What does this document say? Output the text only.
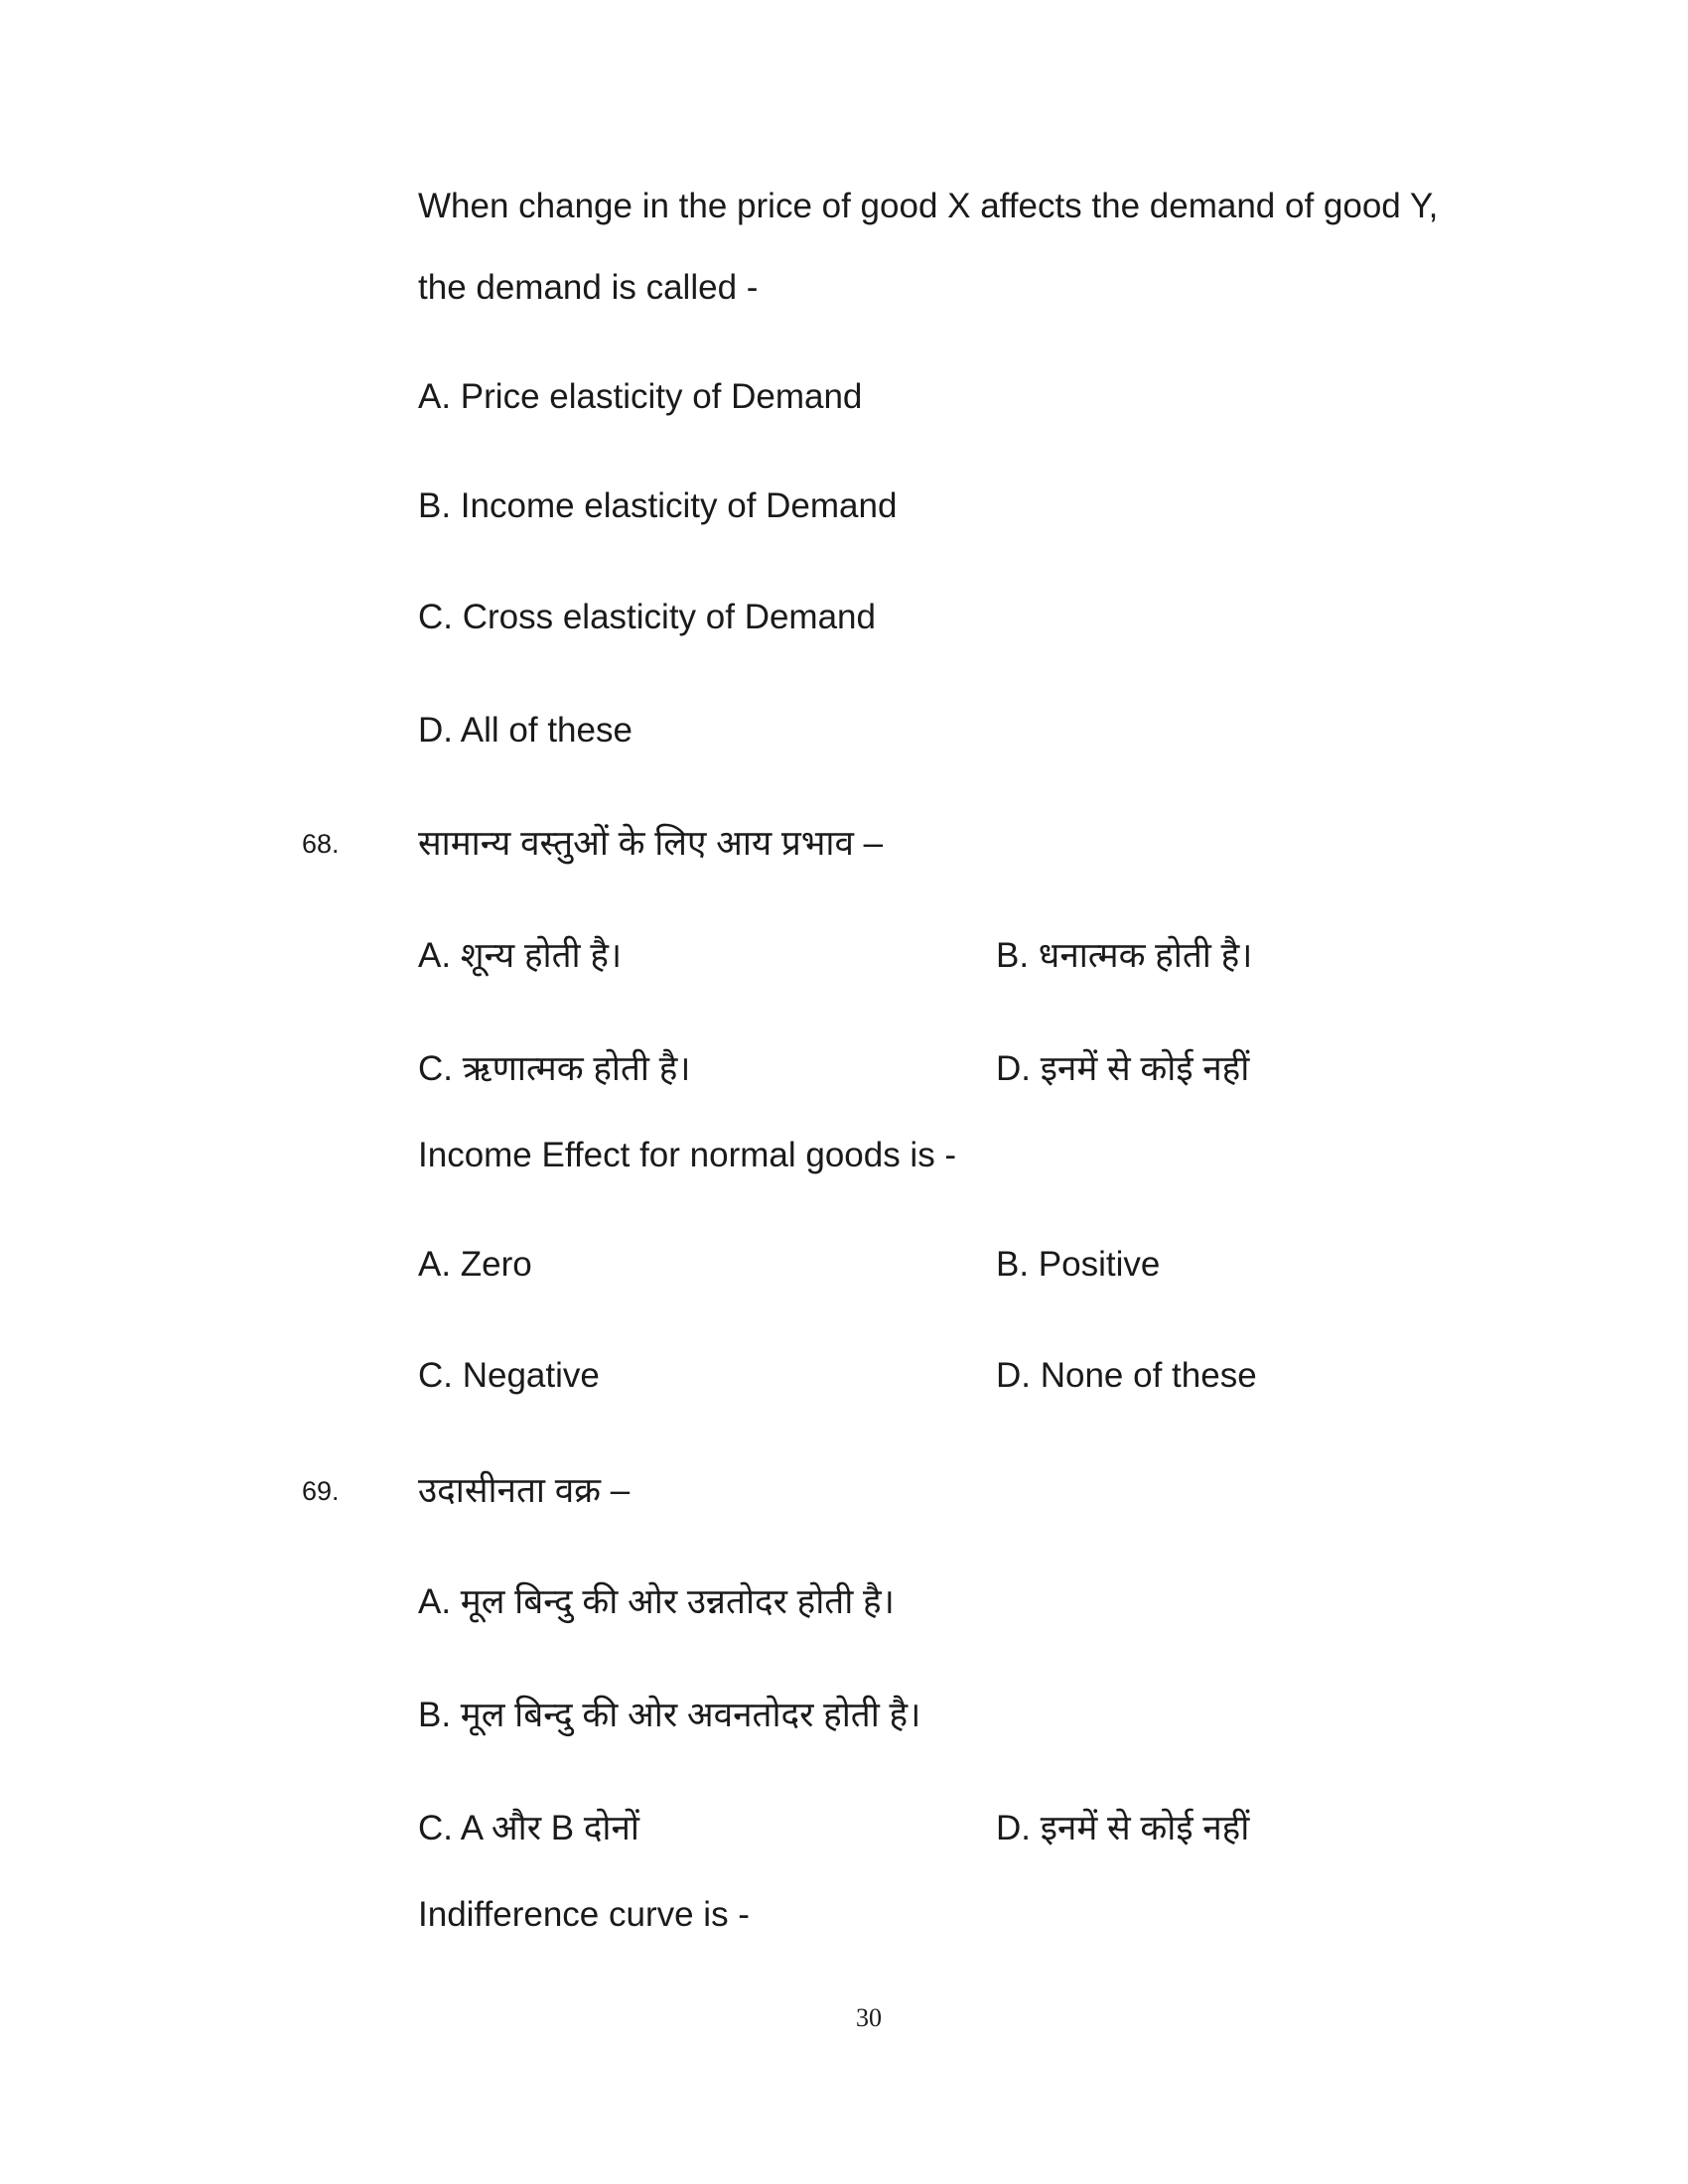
When change in the price of good X affects the demand of good Y,
the demand is called -
A. Price elasticity of Demand
B. Income elasticity of Demand
C. Cross elasticity of Demand
D. All of these
68. सामान्य वस्तुओं के लिए आय प्रभाव –
A. शून्य होती है।	B. धनात्मक होती है।
C. ऋणात्मक होती है।	D. इनमें से कोई नहीं
Income Effect for normal goods is -
A. Zero	B. Positive
C. Negative	D. None of these
69. उदासीनता वक्र –
A. मूल बिन्दु की ओर उन्नतोदर होती है।
B. मूल बिन्दु की ओर अवनतोदर होती है।
C. A और B दोनों	D. इनमें से कोई नहीं
Indifference curve is -
30
